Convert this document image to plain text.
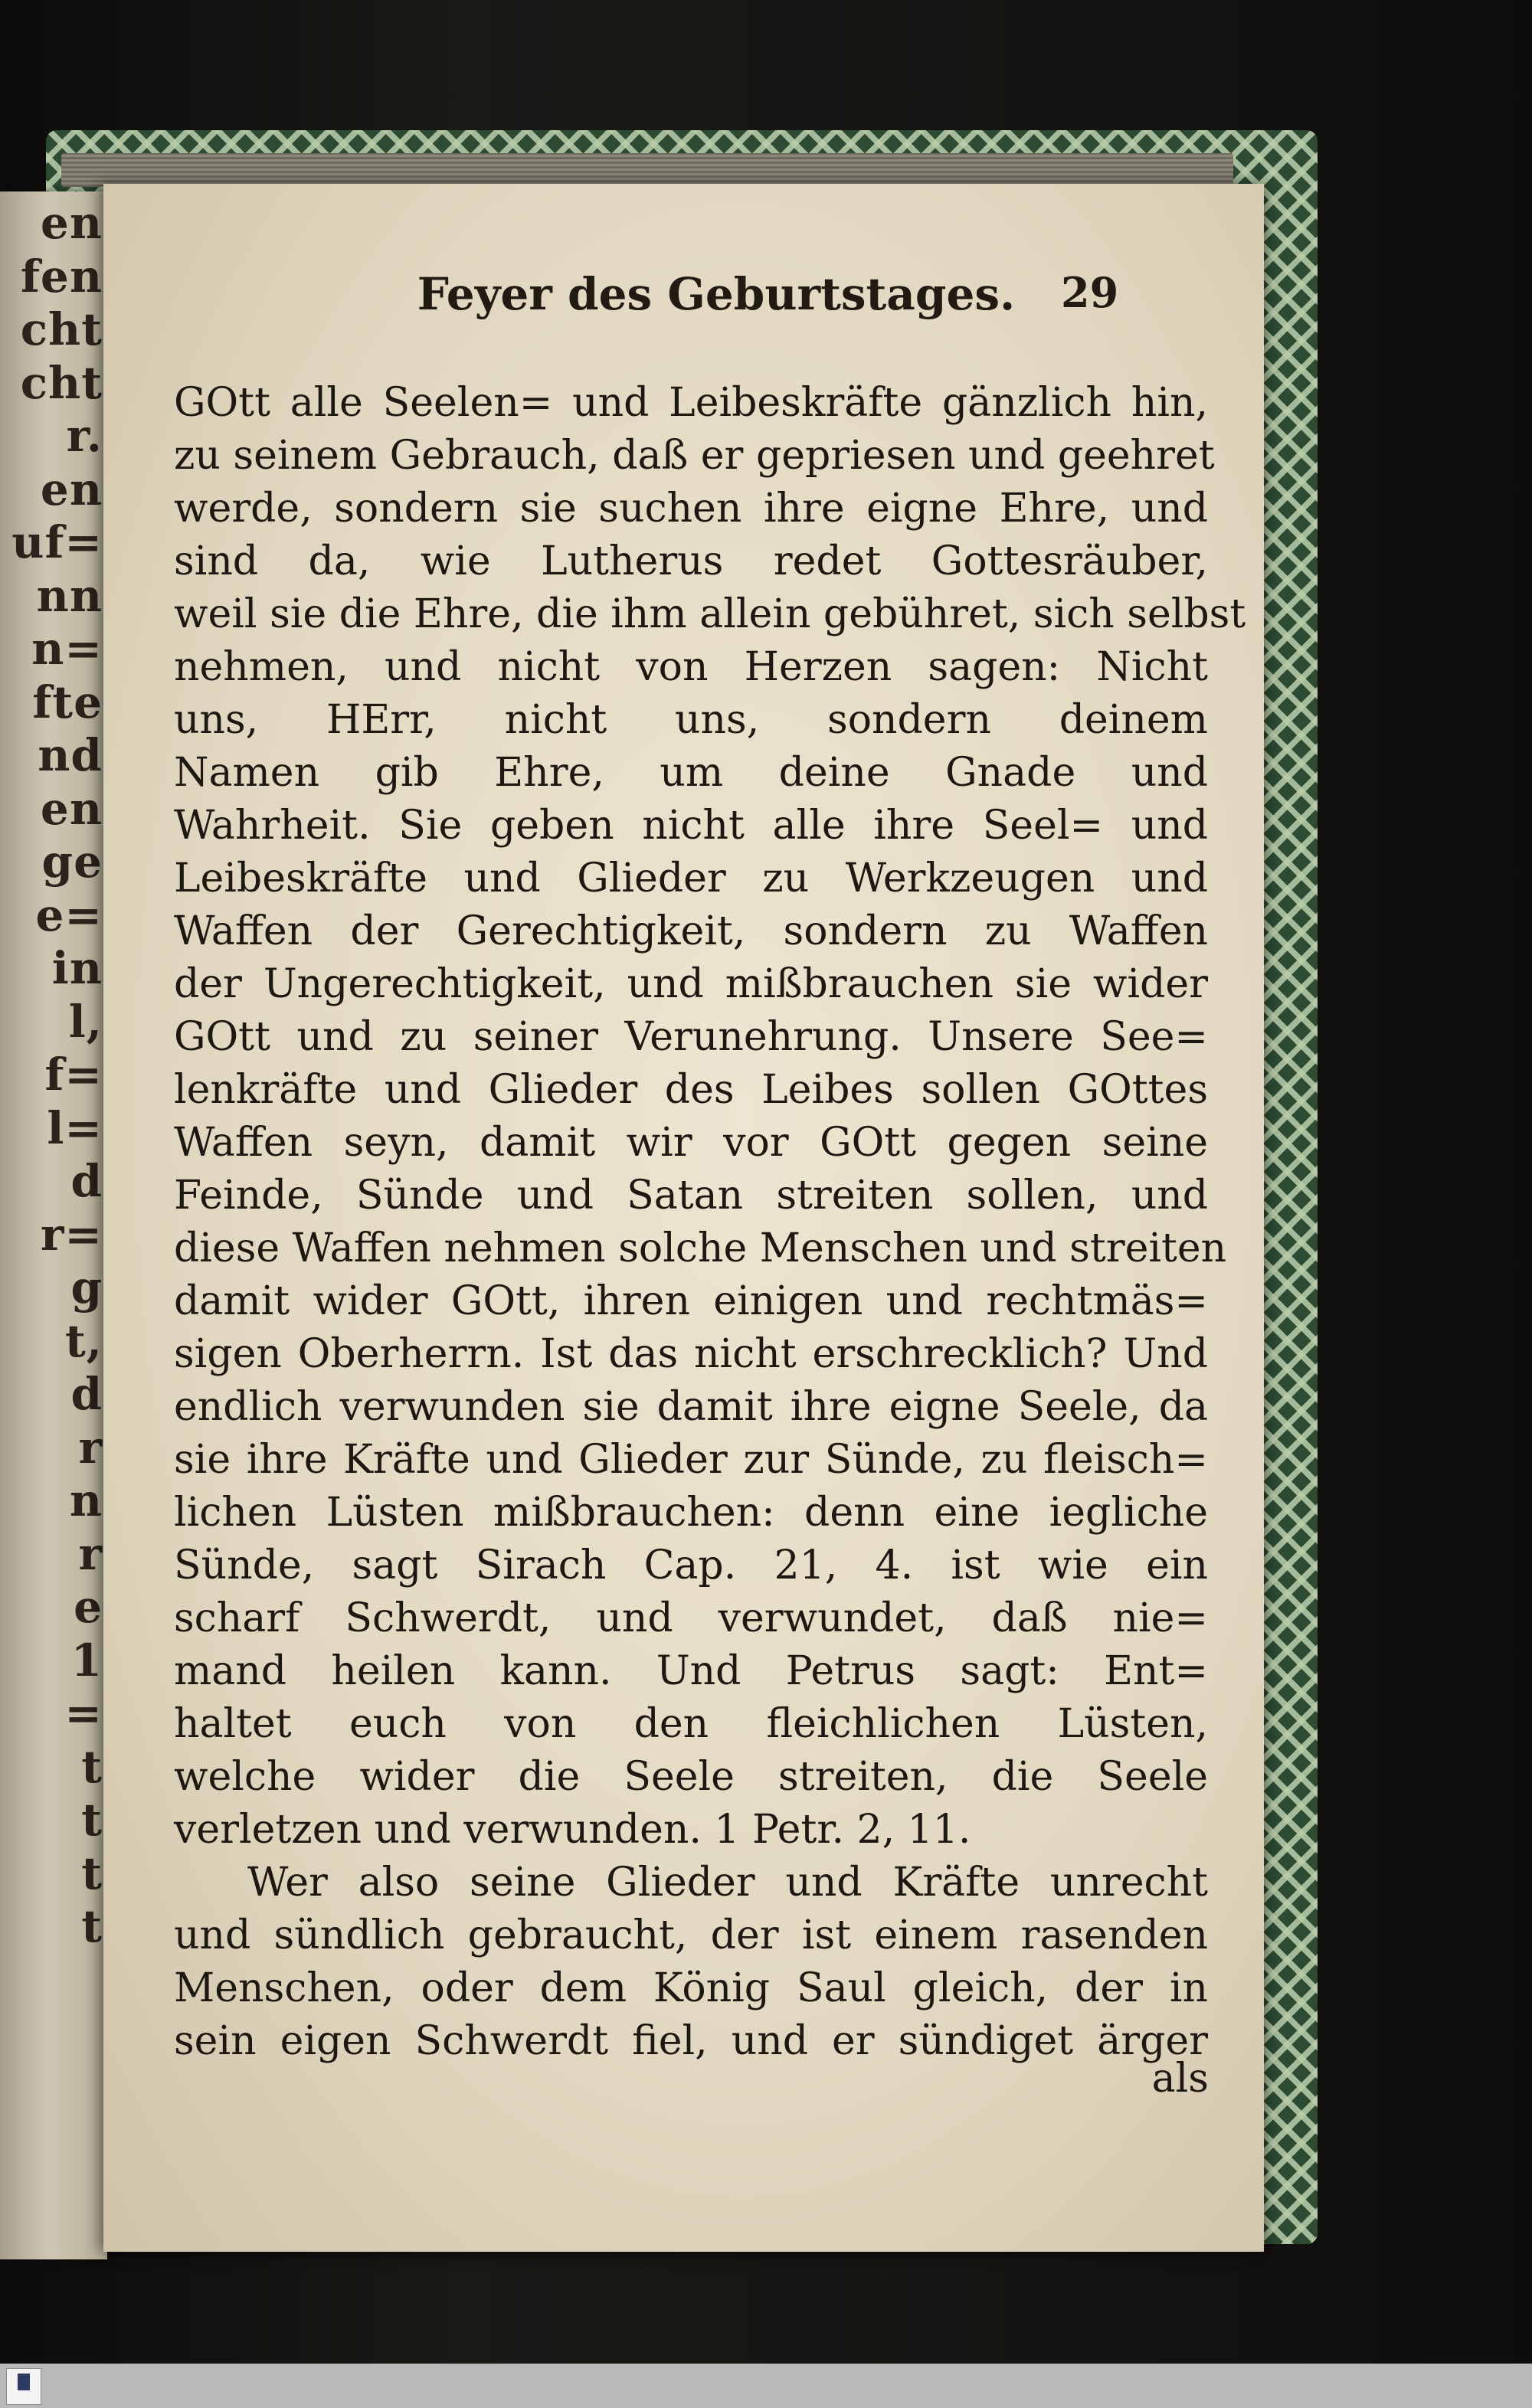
en
fen
cht
cht
r.
en
uf=
nn
n=
fte
nd
en
ge
e=
in
l,
f=
l=
d
r=
g
t,
d
r
n
r
e
1
=
t
t
t
t
Feyer des Geburtstages.	29
GOtt alle Seelen= und Leibeskräfte gänzlich hin,
zu seinem Gebrauch, daß er gepriesen und geehret
werde, sondern sie suchen ihre eigne Ehre, und
sind da, wie Lutherus redet Gottesräuber,
weil sie die Ehre, die ihm allein gebühret, sich selbst
nehmen, und nicht von Herzen sagen: Nicht
uns, HErr, nicht uns, sondern deinem
Namen gib Ehre, um deine Gnade und
Wahrheit. Sie geben nicht alle ihre Seel= und
Leibeskräfte und Glieder zu Werkzeugen und
Waffen der Gerechtigkeit, sondern zu Waffen
der Ungerechtigkeit, und mißbrauchen sie wider
GOtt und zu seiner Verunehrung. Unsere See=
lenkräfte und Glieder des Leibes sollen GOttes
Waffen seyn, damit wir vor GOtt gegen seine
Feinde, Sünde und Satan streiten sollen, und
diese Waffen nehmen solche Menschen und streiten
damit wider GOtt, ihren einigen und rechtmäs=
sigen Oberherrn. Ist das nicht erschrecklich? Und
endlich verwunden sie damit ihre eigne Seele, da
sie ihre Kräfte und Glieder zur Sünde, zu fleisch=
lichen Lüsten mißbrauchen: denn eine iegliche
Sünde, sagt Sirach Cap. 21, 4. ist wie ein
scharf Schwerdt, und verwundet, daß nie=
mand heilen kann. Und Petrus sagt: Ent=
haltet euch von den fleichlichen Lüsten,
welche wider die Seele streiten, die Seele
verletzen und verwunden. 1 Petr. 2, 11.
Wer also seine Glieder und Kräfte unrecht
und sündlich gebraucht, der ist einem rasenden
Menschen, oder dem König Saul gleich, der in
sein eigen Schwerdt fiel, und er sündiget ärger
als
